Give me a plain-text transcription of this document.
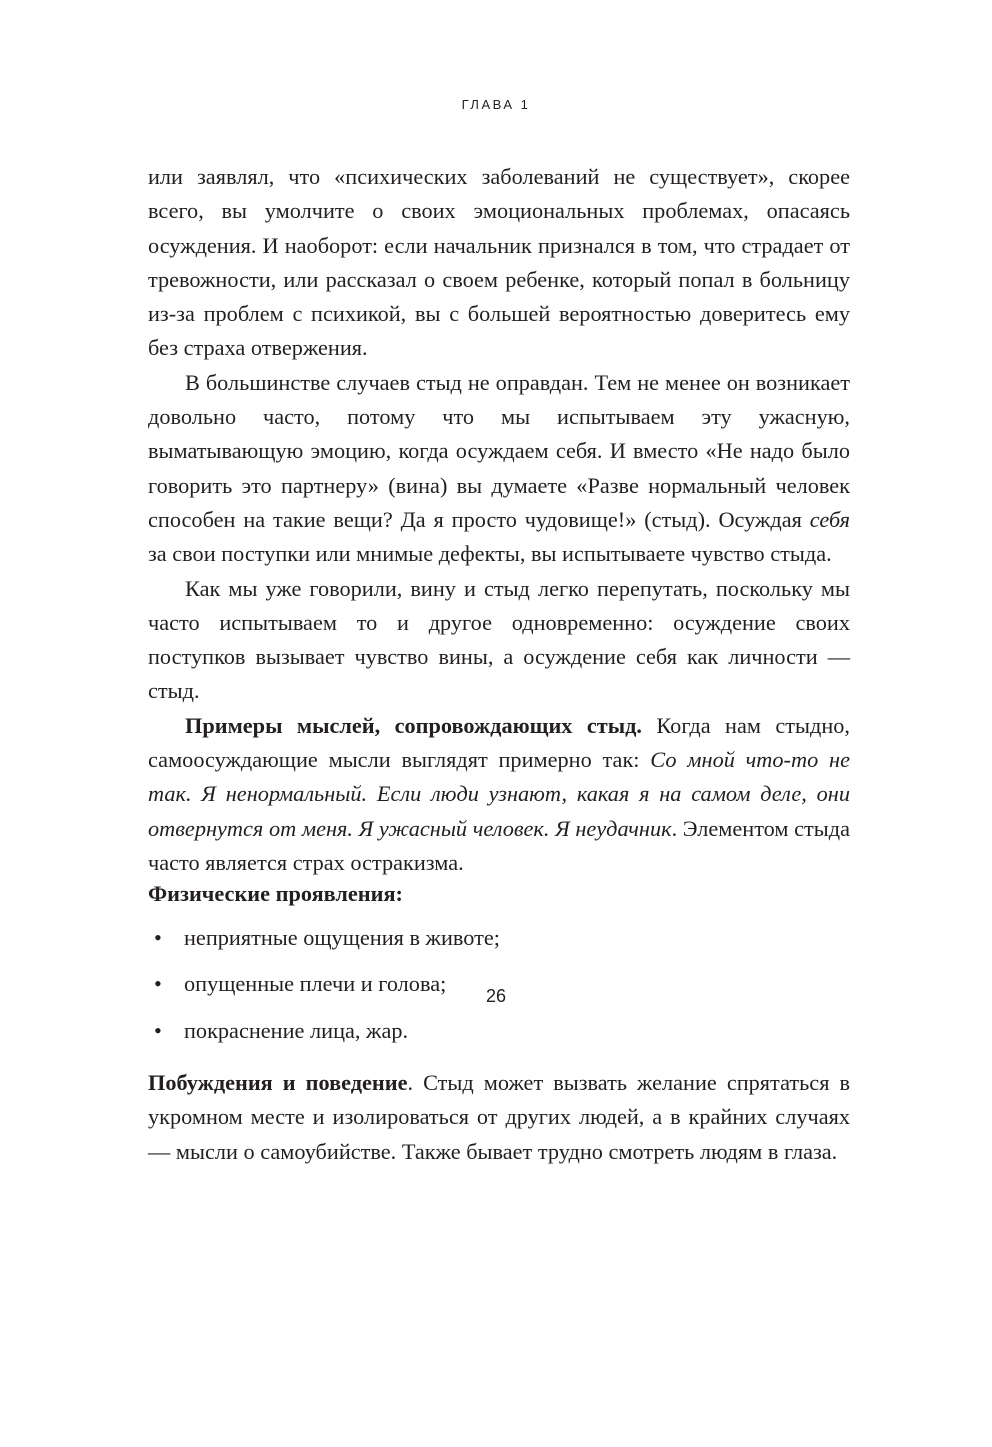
ГЛАВА 1

или заявлял, что «психических заболеваний не существует», скорее всего, вы умолчите о своих эмоциональных проблемах, опасаясь осуждения. И наоборот: если начальник признался в том, что страдает от тревожности, или рассказал о своем ребенке, который попал в больницу из-за проблем с психикой, вы с большей вероятностью доверитесь ему без страха отвержения.

В большинстве случаев стыд не оправдан. Тем не менее он возникает довольно часто, потому что мы испытываем эту ужасную, выматывающую эмоцию, когда осуждаем себя. И вместо «Не надо было говорить это партнеру» (вина) вы думаете «Разве нормальный человек способен на такие вещи? Да я просто чудовище!» (стыд). Осуждая себя за свои поступки или мнимые дефекты, вы испытываете чувство стыда.

Как мы уже говорили, вину и стыд легко перепутать, поскольку мы часто испытываем то и другое одновременно: осуждение своих поступков вызывает чувство вины, а осуждение себя как личности — стыд.

Примеры мыслей, сопровождающих стыд. Когда нам стыдно, самоосуждающие мысли выглядят примерно так: Со мной что-то не так. Я ненормальный. Если люди узнают, какая я на самом деле, они отвернутся от меня. Я ужасный человек. Я неудачник. Элементом стыда часто является страх остракизма.

Физические проявления:

• неприятные ощущения в животе;
• опущенные плечи и голова;
• покраснение лица, жар.

Побуждения и поведение. Стыд может вызвать желание спрятаться в укромном месте и изолироваться от других людей, а в крайних случаях — мысли о самоубийстве. Также бывает трудно смотреть людям в глаза.

26
